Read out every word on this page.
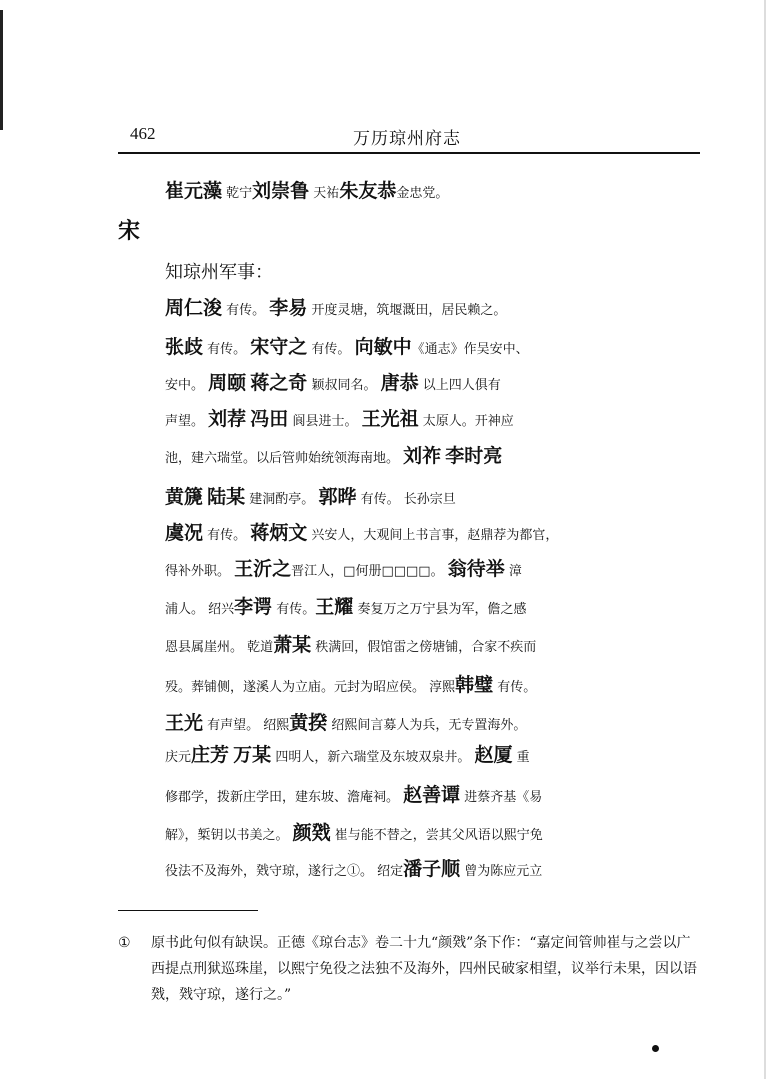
462	万历琼州府志
崔元藻 乾宁刘崇鲁 天祐朱友恭金忠党。
宋
知琼州军事：
周仁浚 有传。 李易 开度灵塘，筑堰溉田，居民赖之。
张歧 有传。 宋守之 有传。 向敏中《通志》作吴安中、
安中。 周颐 蒋之奇 颖叔同名。 唐恭 以上四人俱有
声望。 刘荐 冯田 阆县进士。 王光祖 太原人。开神应
池，建六瑞堂。以后管帅始统领海南地。 刘祚 李时亮
黄篪 陆某 建洞酌亭。 郭晔 有传。 长孙宗旦
虞况 有传。 蒋炳文 兴安人，大观间上书言事，赵鼎荐为都官，
得补外职。 王沂之晋江人，□何册□□□□。 翁待举 漳
浦人。 绍兴李谔 有传。王耀 奏复万之万宁县为军，儋之感
恩县属崖州。 乾道萧某 秩满回，假馆雷之傍塘铺，合家不疾而
殁。葬铺侧，遂溪人为立庙。元封为昭应侯。 淳熙韩璧 有传。
王光 有声望。 绍熙黄揆 绍熙间言募人为兵，无专置海外。
庆元庄芳 万某 四明人，新六瑞堂及东坡双泉井。 赵厦 重
修郡学，拨新庄学田，建东坡、澹庵祠。 赵善谭 进蔡齐基《易
解》，椠钥以书美之。 颜戣 崔与能不替之，尝其父风语以熙宁免
役法不及海外，戣守琼，遂行之①。 绍定潘子顺 曾为陈应元立
① 原书此句似有缺误。正德《琼台志》卷二十九“颜戣”条下作：“嘉定间管帅崔与之尝以广西提点刑狱巡珠崖，以熙宁免役之法独不及海外，四州民破家相望，议举行未果，因以语戣，戣守琼，遂行之。”
